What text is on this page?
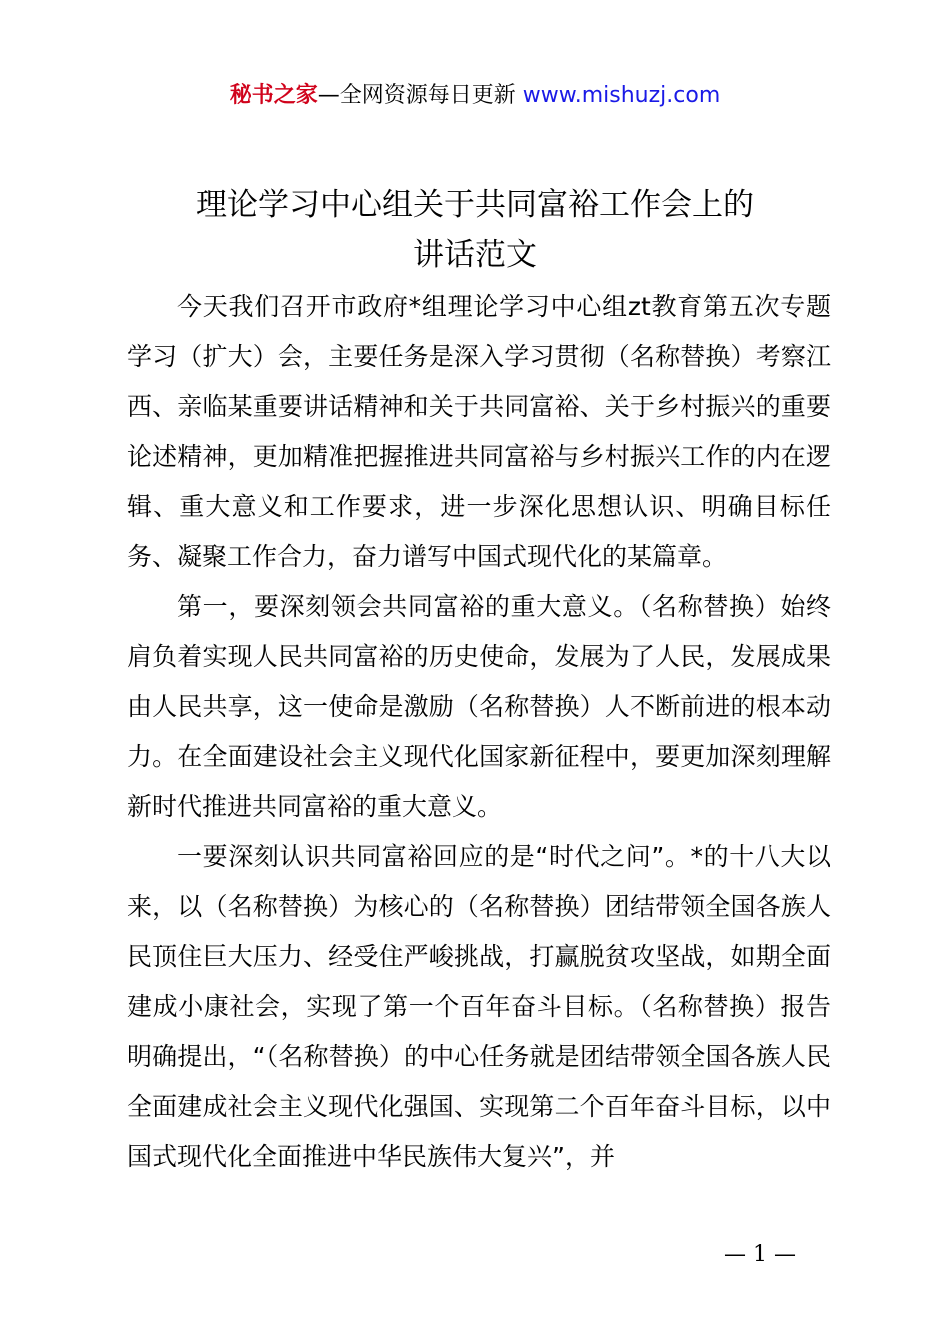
秘书之家—全网资源每日更新 www.mishuzj.com
理论学习中心组关于共同富裕工作会上的
讲话范文

今天我们召开市政府*组理论学习中心组zt教育第五次专题学习（扩大）会，主要任务是深入学习贯彻（名称替换）考察江西、亲临某重要讲话精神和关于共同富裕、关于乡村振兴的重要论述精神，更加精准把握推进共同富裕与乡村振兴工作的内在逻辑、重大意义和工作要求，进一步深化思想认识、明确目标任务、凝聚工作合力，奋力谱写中国式现代化的某篇章。

第一，要深刻领会共同富裕的重大意义。（名称替换）始终肩负着实现人民共同富裕的历史使命，发展为了人民，发展成果由人民共享，这一使命是激励（名称替换）人不断前进的根本动力。在全面建设社会主义现代化国家新征程中，要更加深刻理解新时代推进共同富裕的重大意义。

一要深刻认识共同富裕回应的是“时代之问”。*的十八大以来，以（名称替换）为核心的（名称替换）团结带领全国各族人民顶住巨大压力、经受住严峻挑战，打赢脱贫攻坚战，如期全面建成小康社会，实现了第一个百年奋斗目标。（名称替换）报告明确提出，“（名称替换）的中心任务就是团结带领全国各族人民全面建成社会主义现代化强国、实现第二个百年奋斗目标，以中国式现代化全面推进中华民族伟大复兴”，并

— 1 —
